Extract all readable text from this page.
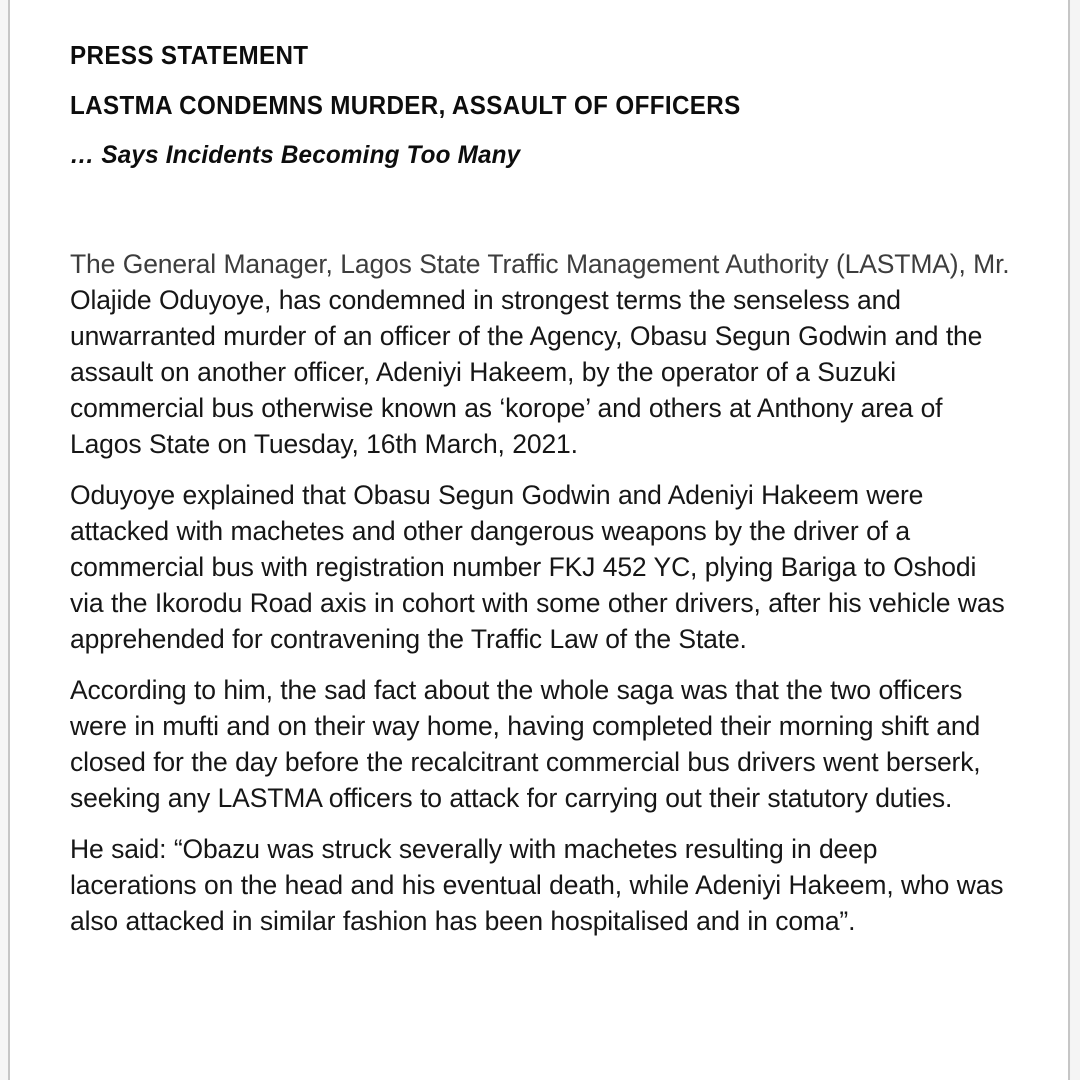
PRESS STATEMENT

LASTMA CONDEMNS MURDER, ASSAULT OF OFFICERS

… Says Incidents Becoming Too Many

The General Manager, Lagos State Traffic Management Authority (LASTMA), Mr. Olajide Oduyoye, has condemned in strongest terms the senseless and unwarranted murder of an officer of the Agency, Obasu Segun Godwin and the assault on another officer, Adeniyi Hakeem, by the operator of a Suzuki commercial bus otherwise known as ‘korope’ and others at Anthony area of Lagos State on Tuesday, 16th March, 2021.

Oduyoye explained that Obasu Segun Godwin and Adeniyi Hakeem were attacked with machetes and other dangerous weapons by the driver of a commercial bus with registration number FKJ 452 YC, plying Bariga to Oshodi via the Ikorodu Road axis in cohort with some other drivers, after his vehicle was apprehended for contravening the Traffic Law of the State.

According to him, the sad fact about the whole saga was that the two officers were in mufti and on their way home, having completed their morning shift and closed for the day before the recalcitrant commercial bus drivers went berserk, seeking any LASTMA officers to attack for carrying out their statutory duties.

He said: “Obazu was struck severally with machetes resulting in deep lacerations on the head and his eventual death, while Adeniyi Hakeem, who was also attacked in similar fashion has been hospitalised and in coma”.
